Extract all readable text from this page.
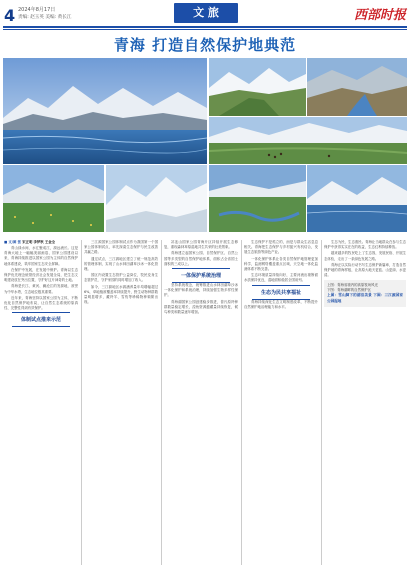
4 2024年8月17日
责编: 赵玉英 美编: 黄长江	文 旅	西部时报
青海 打造自然保护地典范

■ 文/图 张 宋正明 李梦秋 王金全

青山绿水间，水汇聚成江，源远流长。这是青海大地上一幅幅美丽画卷，国家公园建设以来，青海持续推进以国家公园为主体的自然保护地体系建设，筑牢国家生态安全屏障。

在保护中发展，在发展中保护。青海以生态保护优先理念统领经济社会发展全局，把生态文明建设放在突出位置，守护好这片神奇的土地。

青海是长江、黄河、澜沧江的发源地，被誉为中华水塔，生态地位极其重要。

近年来，青海坚持以国家公园为主体，不断优化自然保护地布局，让自然生态系统的原真性、完整性得到有效保护。

体制试点推来示范

三江源国家公园体制试点作为我国第一个国家公园体制试点，率先探索生态保护与民生改善共赢之路。

通过试点，三江源地区建立了统一规范高效的管理体制，实现了山水林田湖草沙冰一体化管理。

园区内设置生态管护公益岗位，牧民变身生态管护员，守护家园的同时增加了收入。

如今，三江源地区水源涵养量年均增幅超过6%，草地植被覆盖率持续提升，野生动物种群数量明显增多，藏羚羊、雪豹等珍稀物种频繁出现。

祁连山国家公园青海片区持续开展生态修复，重现森林草原湿地共生共荣的壮美景象。

青海建立起国家公园、自然保护区、自然公园等多类型的自然保护地体系，面积占全省国土面积的三成以上。

一体保护系统治理

坚持系统观念，统筹推进山水林田湖草沙冰一体化保护和系统治理，持续加强生物多样性保护。

青海湖国家公园创建稳步推进，普氏原羚种群数量稳定增长，湟鱼资源蕴藏量持续恢复，候鸟种类和数量逐年增加。

生态保护不是孤立的，而是与群众生活息息相关。青海把生态保护与乡村振兴有机结合，发展生态旅游等绿色产业。

一体化保护体系让各类自然保护地管理更加科学，监测网络覆盖重点区域，天空地一体化监测体系不断完善。

生态环境质量持续向好，主要河流出境断面水质保持优良，湿地面积稳居全国前列。

生态为民共享福祉

青海持续深化生态文明制度改革，不断提升自然保护地治理能力和水平。

生态为民，生态惠民。青海让当地群众在参与生态保护中获得实实在在的收益，生态红利持续释放。

越来越多的牧民吃上了生态饭，发展民宿、开展生态体验，走出了一条绿色发展之路。

青海正以实际行动书写生态保护新篇章，打造自然保护地的青海样板，让高原大地天更蓝、山更绿、水更清。

上图：青海省境内的高原牧场风光
下图：青海湖畔的自然保护区
上图：雪山脚下的湖泊美景 下图：三江源国家公园湿地
